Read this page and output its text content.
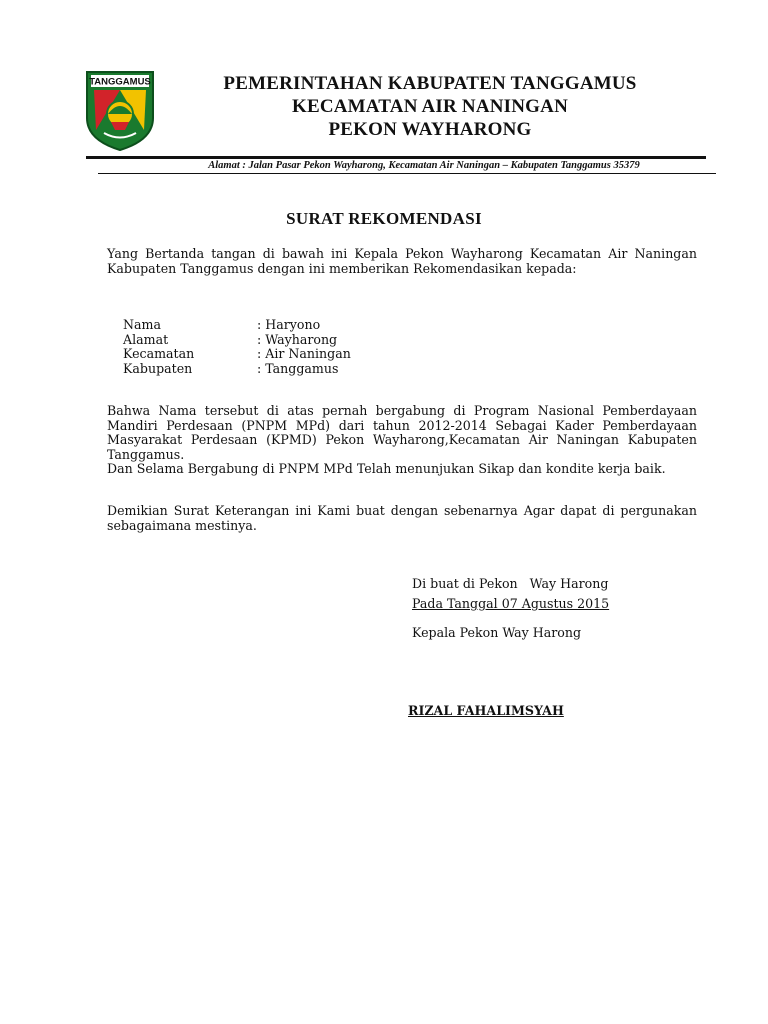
TANGGAMUS	PEMERINTAHAN KABUPATEN TANGGAMUS
KECAMATAN AIR NANINGAN
PEKON WAYHARONG
Alamat : Jalan Pasar Pekon Wayharong, Kecamatan Air Naningan – Kabupaten Tanggamus 35379
SURAT REKOMENDASI
Yang Bertanda tangan di bawah ini Kepala Pekon Wayharong Kecamatan Air Naningan Kabupaten Tanggamus dengan ini memberikan Rekomendasikan kepada:
Nama	: Haryono
Alamat	: Wayharong
Kecamatan	: Air Naningan
Kabupaten	: Tanggamus
Bahwa Nama tersebut di atas pernah bergabung di Program Nasional Pemberdayaan Mandiri Perdesaan (PNPM MPd) dari tahun 2012-2014 Sebagai Kader Pemberdayaan Masyarakat Perdesaan (KPMD) Pekon Wayharong,Kecamatan Air Naningan Kabupaten Tanggamus.
Dan Selama Bergabung di PNPM MPd Telah menunjukan Sikap dan kondite kerja baik.
Demikian Surat Keterangan ini Kami buat dengan sebenarnya Agar dapat di pergunakan sebagaimana mestinya.
Di buat di Pekon   Way Harong
Pada Tanggal 07 Agustus 2015
Kepala Pekon Way Harong
RIZAL FAHALIMSYAH
